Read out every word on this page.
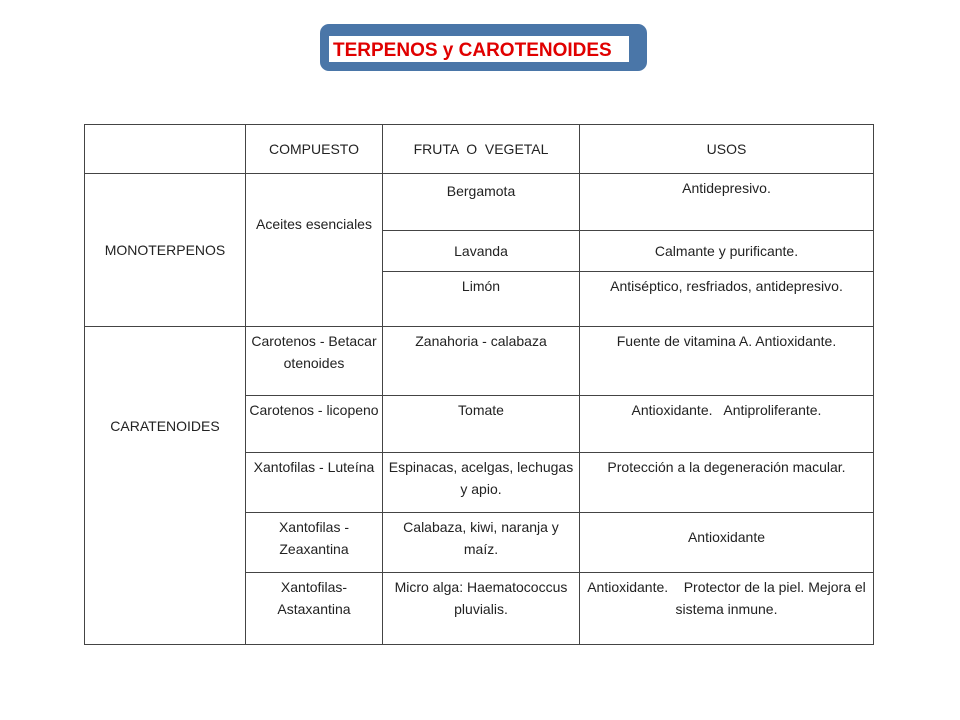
TERPENOS y CAROTENOIDES
	COMPUESTO	FRUTA  O  VEGETAL	USOS
MONOTERPENOS	Aceites esenciales	Bergamota	Antidepresivo.
		Lavanda	Calmante y purificante.
		Limón	Antiséptico, resfriados, antidepresivo.
CARATENOIDES	Carotenos - Betacarotenoides	Zanahoria - calabaza	Fuente de vitamina A. Antioxidante.
	Carotenos - licopeno	Tomate	Antioxidante.   Antiproliferante.
	Xantofilas - Luteína	Espinacas, acelgas, lechugas y apio.	Protección a la degeneración macular.
	Xantofilas - Zeaxantina	Calabaza, kiwi, naranja y maíz.	Antioxidante
	Xantofilas- Astaxantina	Micro alga: Haematococcus pluvialis.	Antioxidante.    Protector de la piel. Mejora el sistema inmune.
